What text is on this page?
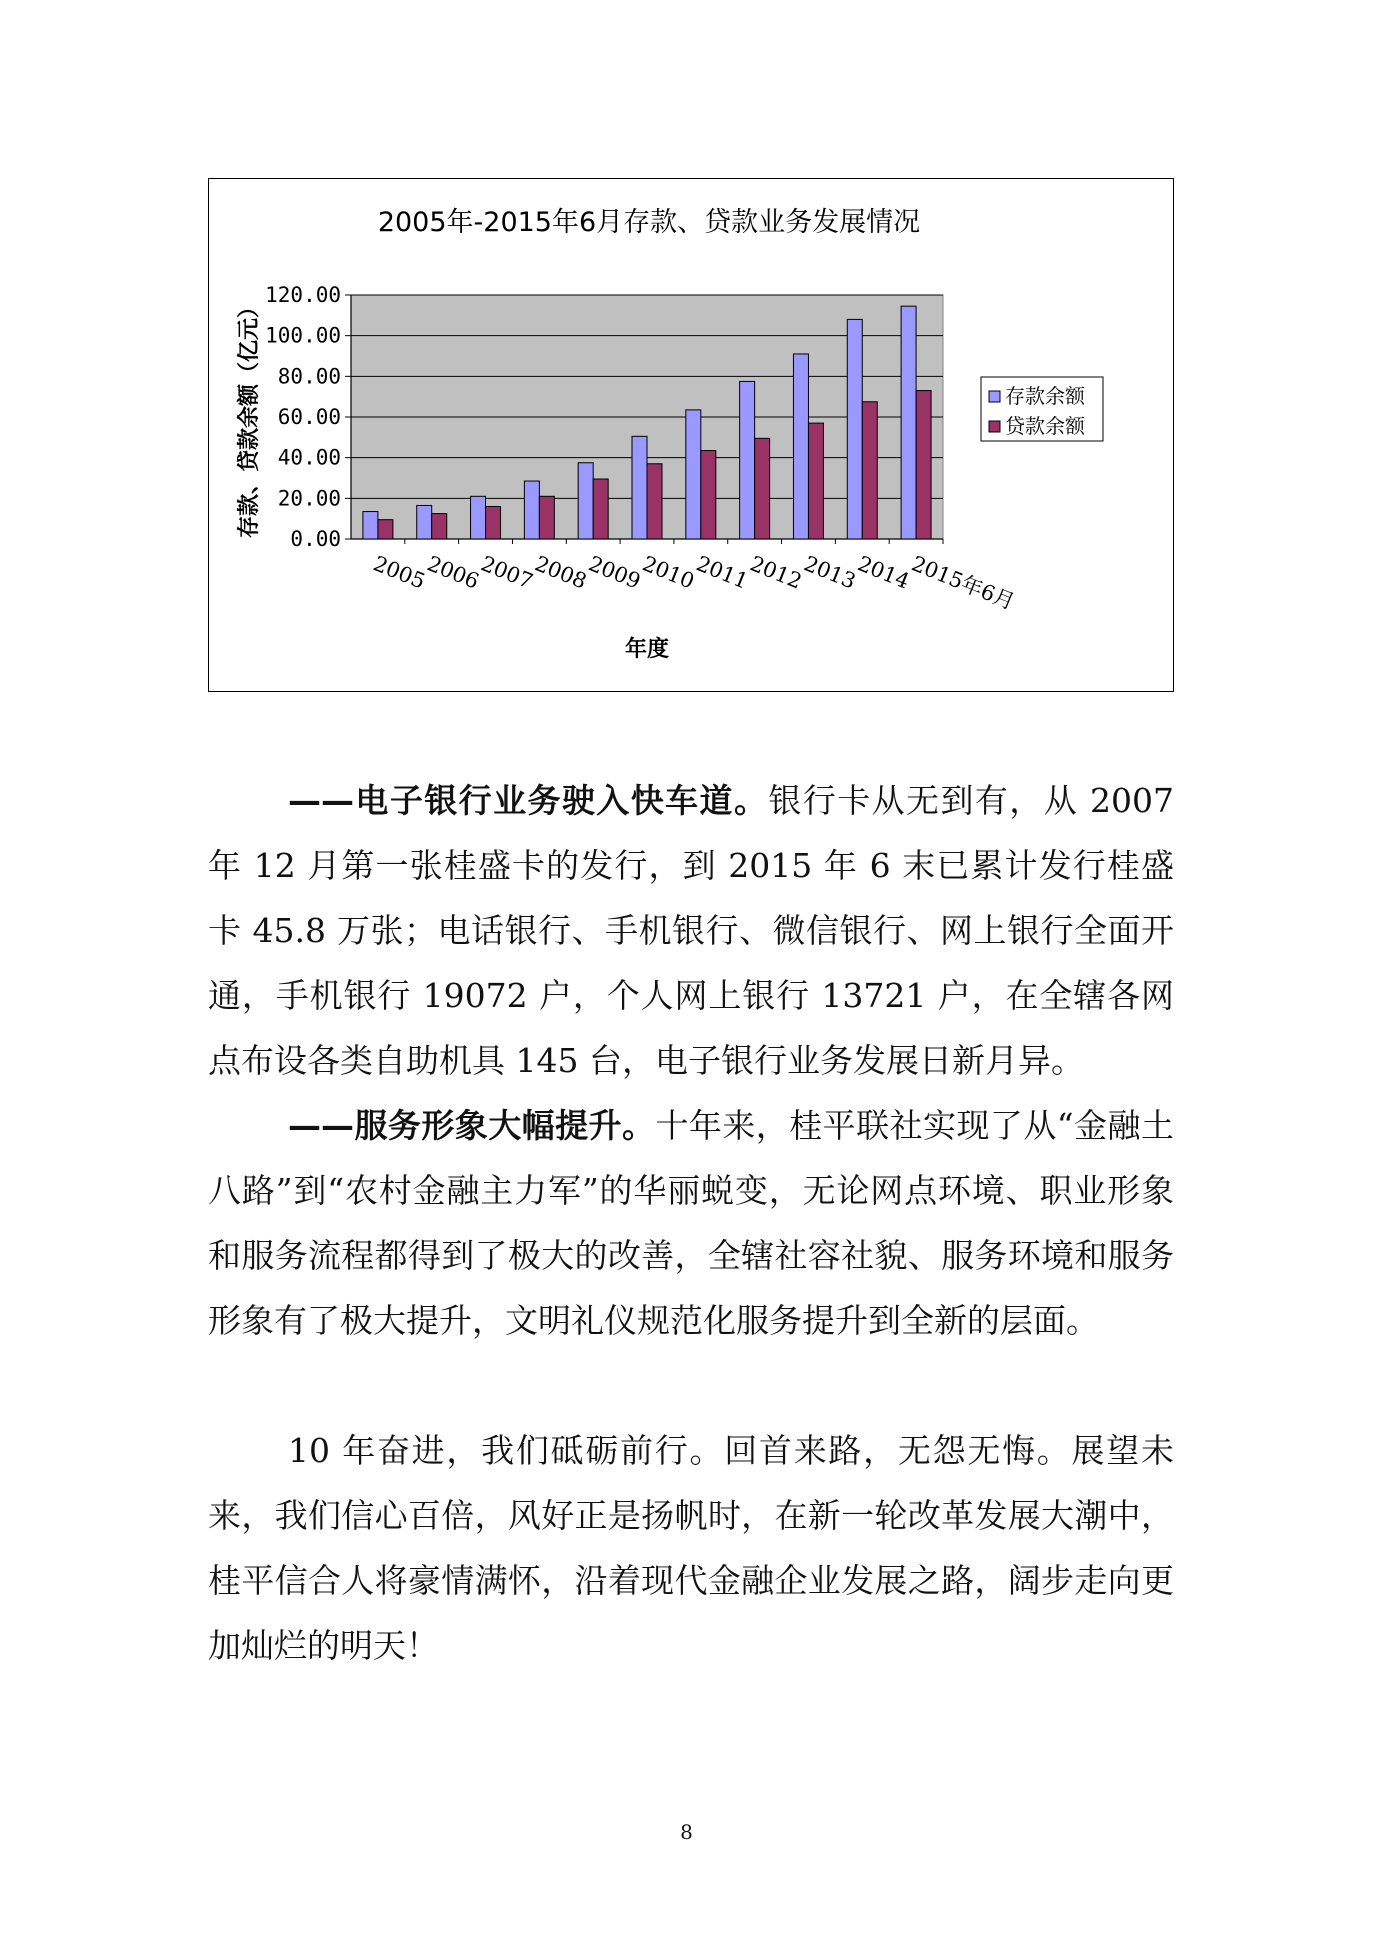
2005年-2015年6月存款、贷款业务发展情况
0.00
20.00
40.00
60.00
80.00
100.00
120.00
2005
2006
2007
2008
2009
2010
2011
2012
2013
2014
2015年6月
年度
存款、贷款余额（亿元）	存款余额
贷款余额

——电子银行业务驶入快车道。银行卡从无到有，从 2007 年 12 月第一张桂盛卡的发行，到 2015 年 6 末已累计发行桂盛卡 45.8 万张；电话银行、手机银行、微信银行、网上银行全面开通，手机银行 19072 户，个人网上银行 13721 户，在全辖各网点布设各类自助机具 145 台，电子银行业务发展日新月异。

——服务形象大幅提升。十年来，桂平联社实现了从“金融土八路”到“农村金融主力军”的华丽蜕变，无论网点环境、职业形象和服务流程都得到了极大的改善，全辖社容社貌、服务环境和服务形象有了极大提升，文明礼仪规范化服务提升到全新的层面。

10 年奋进，我们砥砺前行。回首来路，无怨无悔。展望未来，我们信心百倍，风好正是扬帆时，在新一轮改革发展大潮中，桂平信合人将豪情满怀，沿着现代金融企业发展之路，阔步走向更加灿烂的明天！

8
